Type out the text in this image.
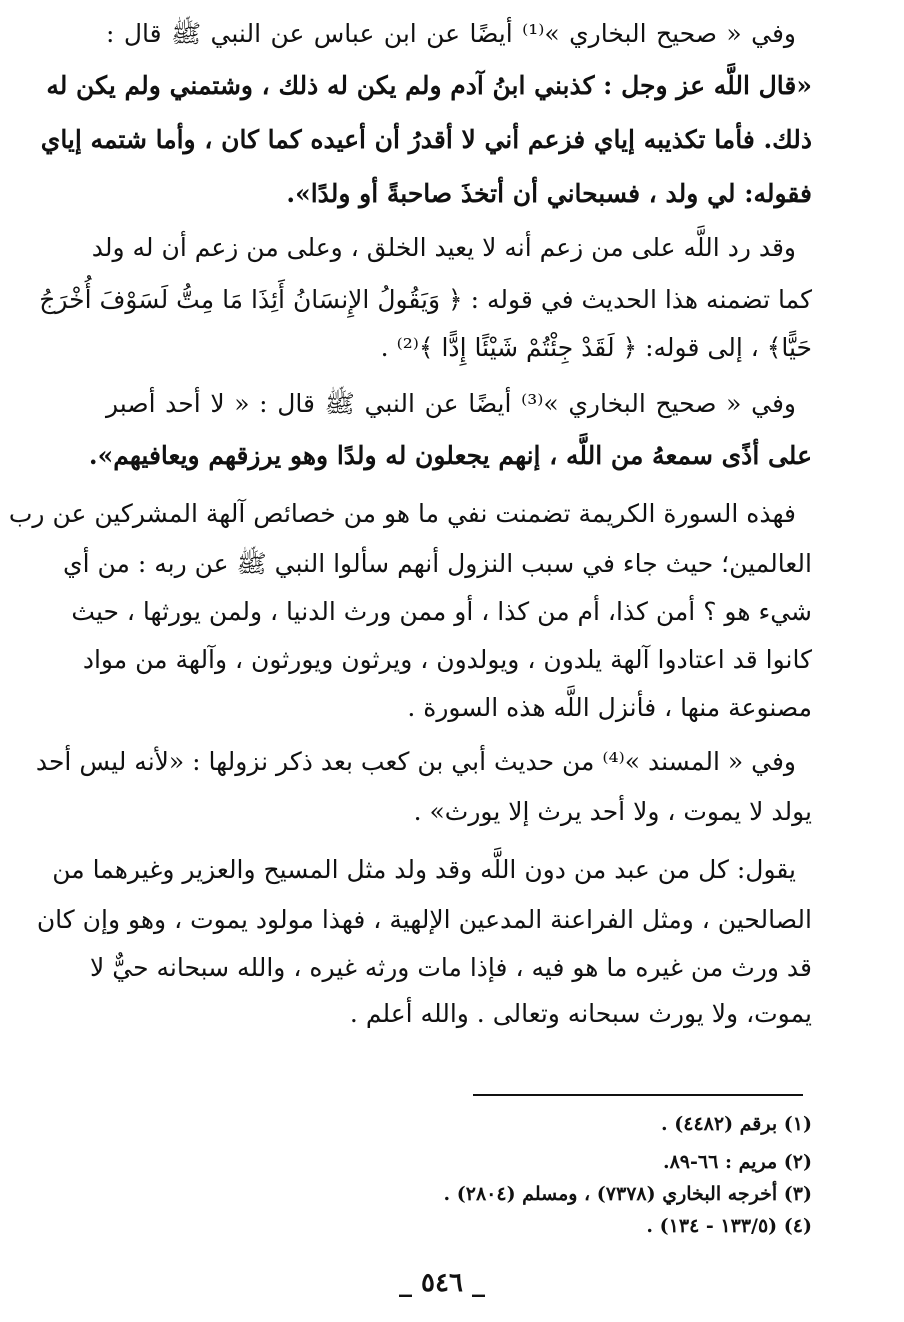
وفي « صحيح البخاري »⁽¹⁾ أيضًا عن ابن عباس عن النبي ﷺ قال :
«قال اللَّه عز وجل : كذبني ابنُ آدم ولم يكن له ذلك ، وشتمني ولم يكن له
ذلك. فأما تكذيبه إياي فزعم أني لا أقدرُ أن أعيده كما كان ، وأما شتمه إياي
فقوله: لي ولد ، فسبحاني أن أتخذَ صاحبةً أو ولدًا».
وقد رد اللَّه على من زعم أنه لا يعيد الخلق ، وعلى من زعم أن له ولد
كما تضمنه هذا الحديث في قوله : ﴿ وَيَقُولُ الإِنسَانُ أَئِذَا مَا مِتُّ لَسَوْفَ أُخْرَجُ
حَيًّا﴾ ، إلى قوله: ﴿ لَقَدْ جِئْتُمْ شَيْئًا إِدًّا ﴾⁽²⁾ .
وفي « صحيح البخاري »⁽³⁾ أيضًا عن النبي ﷺ قال : « لا أحد أصبر
على أذًى سمعهُ من اللَّه ، إنهم يجعلون له ولدًا وهو يرزقهم ويعافيهم».
فهذه السورة الكريمة تضمنت نفي ما هو من خصائص آلهة المشركين عن رب
العالمين؛ حيث جاء في سبب النزول أنهم سألوا النبي ﷺ عن ربه : من أي
شيء هو ؟ أمن كذا، أم من كذا ، أو ممن ورث الدنيا ، ولمن يورثها ، حيث
كانوا قد اعتادوا آلهة يلدون ، ويولدون ، ويرثون ويورثون ، وآلهة من مواد
مصنوعة منها ، فأنزل اللَّه هذه السورة .
وفي « المسند »⁽⁴⁾ من حديث أبي بن كعب بعد ذكر نزولها : «لأنه ليس أحد
يولد لا يموت ، ولا أحد يرث إلا يورث» .
يقول: كل من عبد من دون اللَّه وقد ولد مثل المسيح والعزير وغيرهما من
الصالحين ، ومثل الفراعنة المدعين الإلهية ، فهذا مولود يموت ، وهو وإن كان
قد ورث من غيره ما هو فيه ، فإذا مات ورثه غيره ، والله سبحانه حيٌّ لا
يموت، ولا يورث سبحانه وتعالى . والله أعلم .
(١) برقم (٤٤٨٢) .
(٢) مريم : ٦٦-٨٩.
(٣) أخرجه البخاري (٧٣٧٨) ، ومسلم (٢٨٠٤) .
(٤) (١٣٣/٥ - ١٣٤) .
_ ٥٤٦ _
